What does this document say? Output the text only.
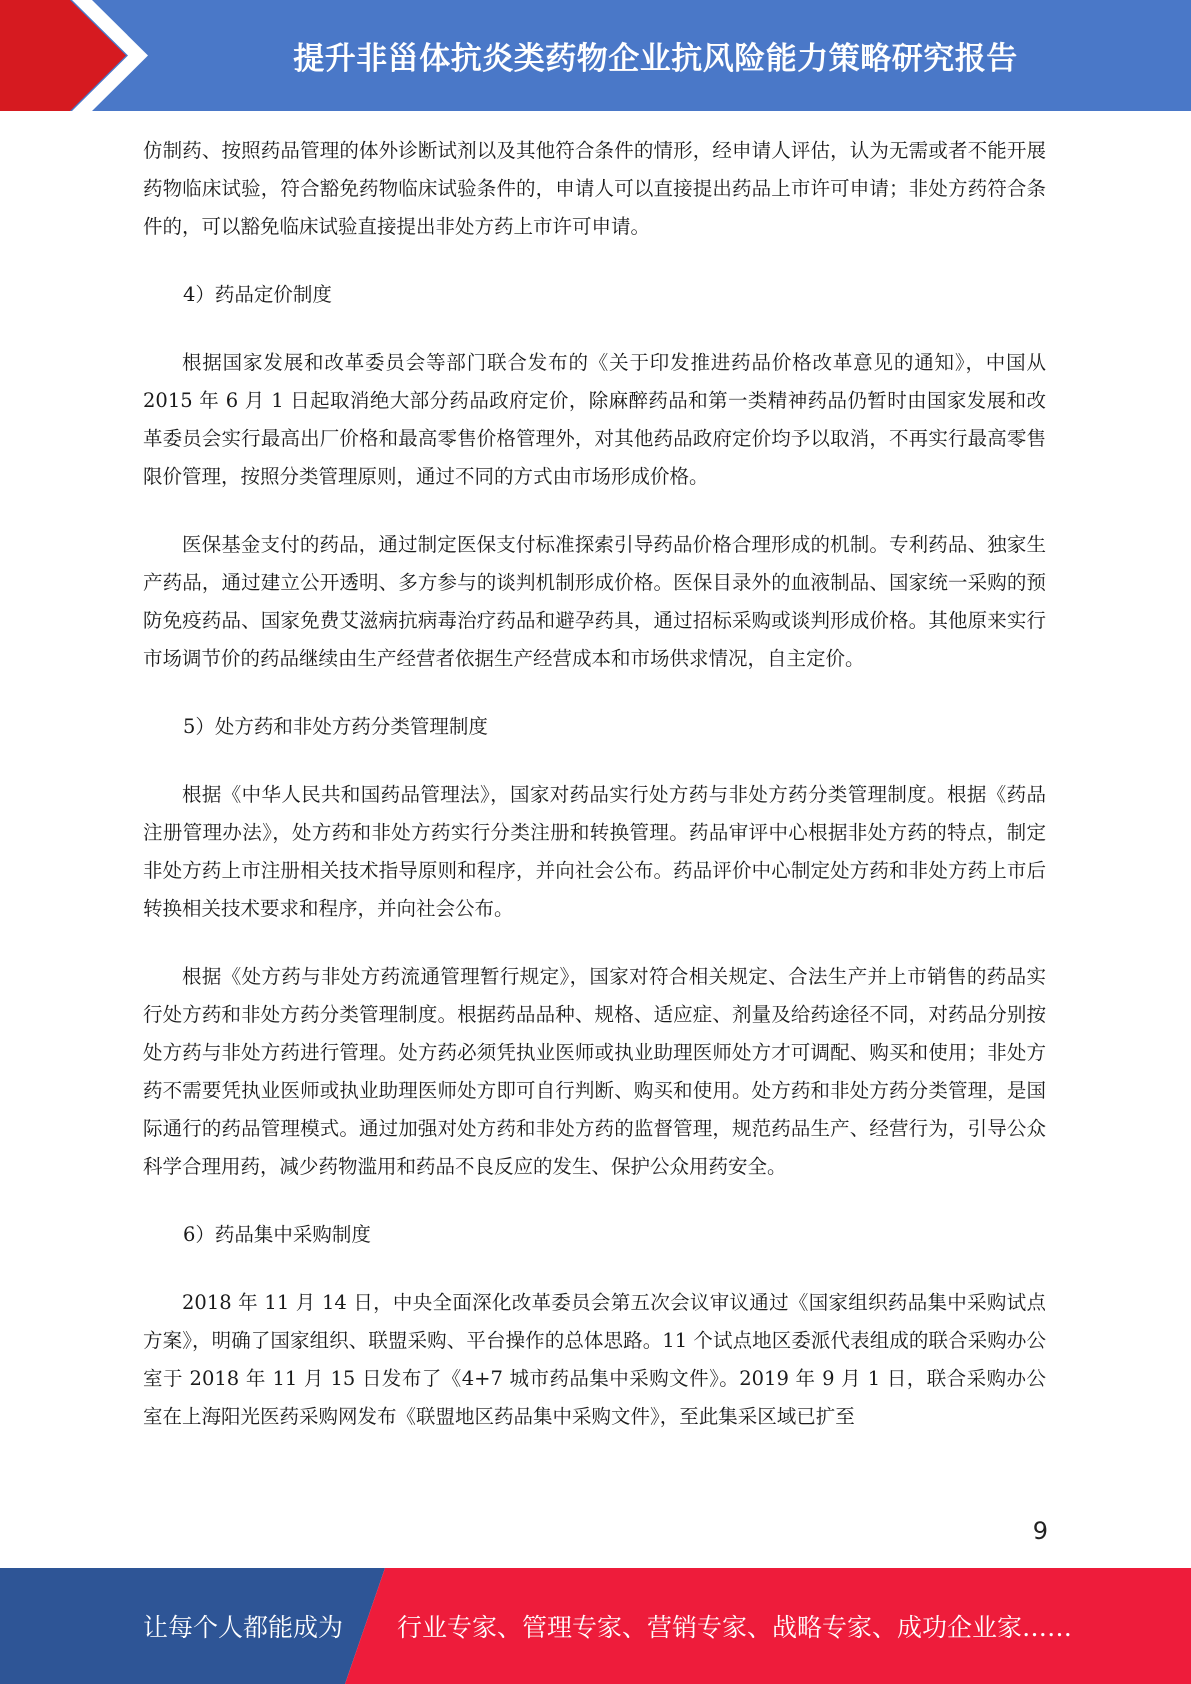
提升非甾体抗炎类药物企业抗风险能力策略研究报告

仿制药、按照药品管理的体外诊断试剂以及其他符合条件的情形，经申请人评估，认为无需或者不能开展药物临床试验，符合豁免药物临床试验条件的，申请人可以直接提出药品上市许可申请；非处方药符合条件的，可以豁免临床试验直接提出非处方药上市许可申请。

4）药品定价制度

根据国家发展和改革委员会等部门联合发布的《关于印发推进药品价格改革意见的通知》，中国从 2015 年 6 月 1 日起取消绝大部分药品政府定价，除麻醉药品和第一类精神药品仍暂时由国家发展和改革委员会实行最高出厂价格和最高零售价格管理外，对其他药品政府定价均予以取消，不再实行最高零售限价管理，按照分类管理原则，通过不同的方式由市场形成价格。

医保基金支付的药品，通过制定医保支付标准探索引导药品价格合理形成的机制。专利药品、独家生产药品，通过建立公开透明、多方参与的谈判机制形成价格。医保目录外的血液制品、国家统一采购的预防免疫药品、国家免费艾滋病抗病毒治疗药品和避孕药具，通过招标采购或谈判形成价格。其他原来实行市场调节价的药品继续由生产经营者依据生产经营成本和市场供求情况，自主定价。

5）处方药和非处方药分类管理制度

根据《中华人民共和国药品管理法》，国家对药品实行处方药与非处方药分类管理制度。根据《药品注册管理办法》，处方药和非处方药实行分类注册和转换管理。药品审评中心根据非处方药的特点，制定非处方药上市注册相关技术指导原则和程序，并向社会公布。药品评价中心制定处方药和非处方药上市后转换相关技术要求和程序，并向社会公布。

根据《处方药与非处方药流通管理暂行规定》，国家对符合相关规定、合法生产并上市销售的药品实行处方药和非处方药分类管理制度。根据药品品种、规格、适应症、剂量及给药途径不同，对药品分别按处方药与非处方药进行管理。处方药必须凭执业医师或执业助理医师处方才可调配、购买和使用；非处方药不需要凭执业医师或执业助理医师处方即可自行判断、购买和使用。处方药和非处方药分类管理，是国际通行的药品管理模式。通过加强对处方药和非处方药的监督管理，规范药品生产、经营行为，引导公众科学合理用药，减少药物滥用和药品不良反应的发生、保护公众用药安全。

6）药品集中采购制度

2018 年 11 月 14 日，中央全面深化改革委员会第五次会议审议通过《国家组织药品集中采购试点方案》，明确了国家组织、联盟采购、平台操作的总体思路。11 个试点地区委派代表组成的联合采购办公室于 2018 年 11 月 15 日发布了《4+7 城市药品集中采购文件》。2019 年 9 月 1 日，联合采购办公室在上海阳光医药采购网发布《联盟地区药品集中采购文件》，至此集采区域已扩至

9
让每个人都能成为 行业专家、管理专家、营销专家、战略专家、成功企业家……
